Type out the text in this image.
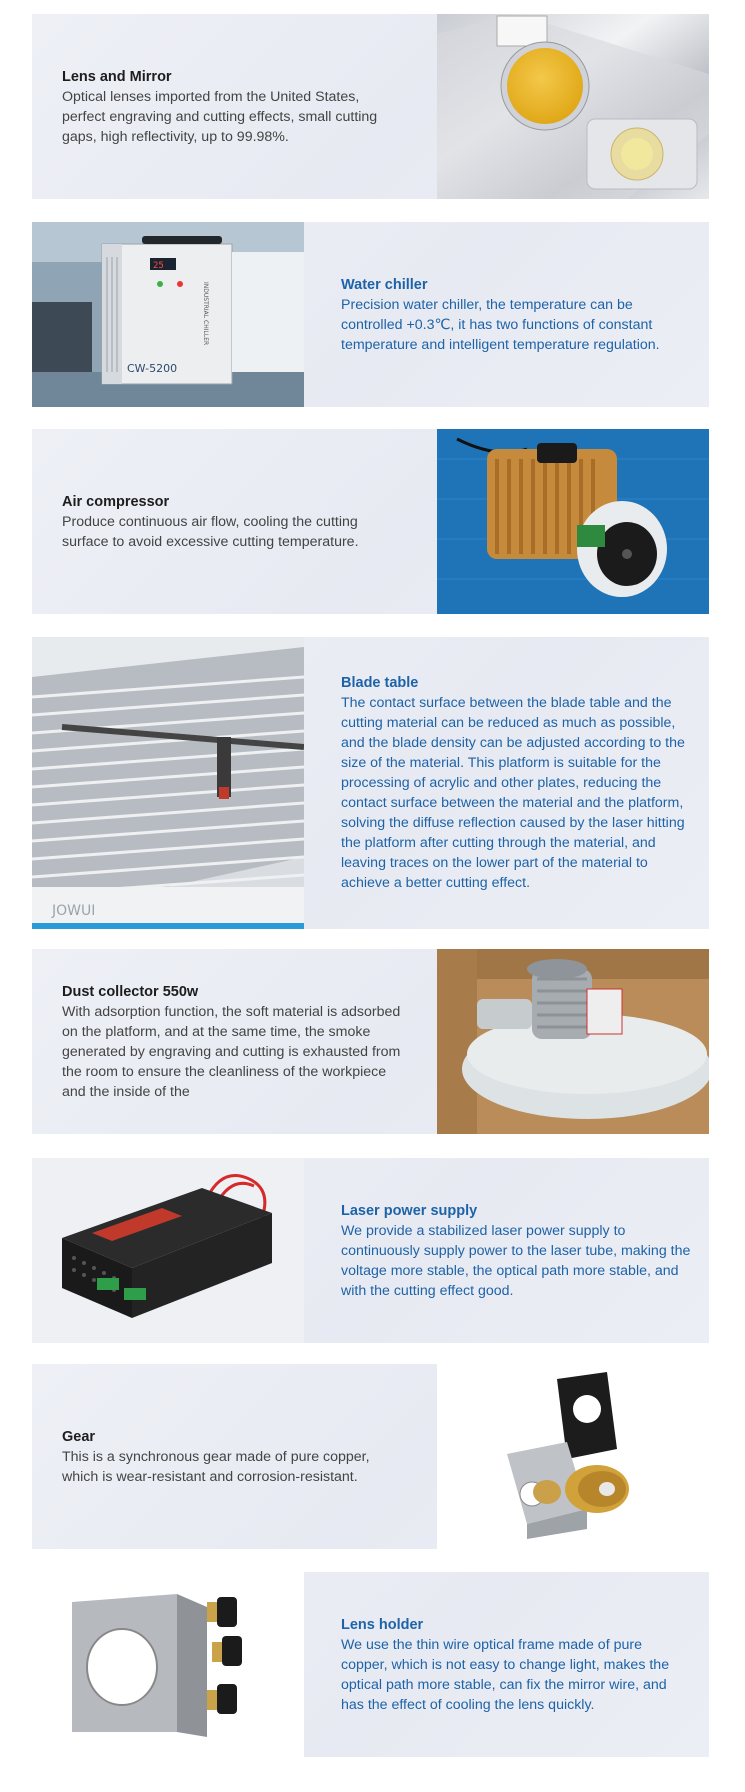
Lens and Mirror
Optical lenses imported from the United States, perfect engraving and cutting effects, small cutting gaps, high reflectivity, up to 99.98%.
25
CW-5200
INDUSTRIAL CHILLER	Water chiller
Precision water chiller, the temperature can be controlled +0.3℃, it has two functions of constant temperature and intelligent temperature regulation.
Air compressor
Produce continuous air flow, cooling the cutting surface to avoid excessive cutting temperature.
JOWUI
Blade table
The contact surface between the blade table and the cutting material can be reduced as much as possible, and the blade density can be adjusted according to the size of the material. This platform is suitable for the processing of acrylic and other plates, reducing the contact surface between the material and the platform, solving the diffuse reflection caused by the laser hitting the platform after cutting through the material, and leaving traces on the lower part of the material to achieve a better cutting effect.
Dust collector 550w
With adsorption function, the soft material is adsorbed on the platform, and at the same time, the smoke generated by engraving and cutting is exhausted from the room to ensure the cleanliness of the workpiece and the inside of the
Laser power supply
We provide a stabilized laser power supply to continuously supply power to the laser tube, making the voltage more stable, the optical path more stable, and with the cutting effect good.
Gear
This is a synchronous gear made of pure copper, which is wear-resistant and corrosion-resistant.
Lens holder
We use the thin wire optical frame made of pure copper, which is not easy to change light, makes the optical path more stable, can fix the mirror wire, and has the effect of cooling the lens quickly.
